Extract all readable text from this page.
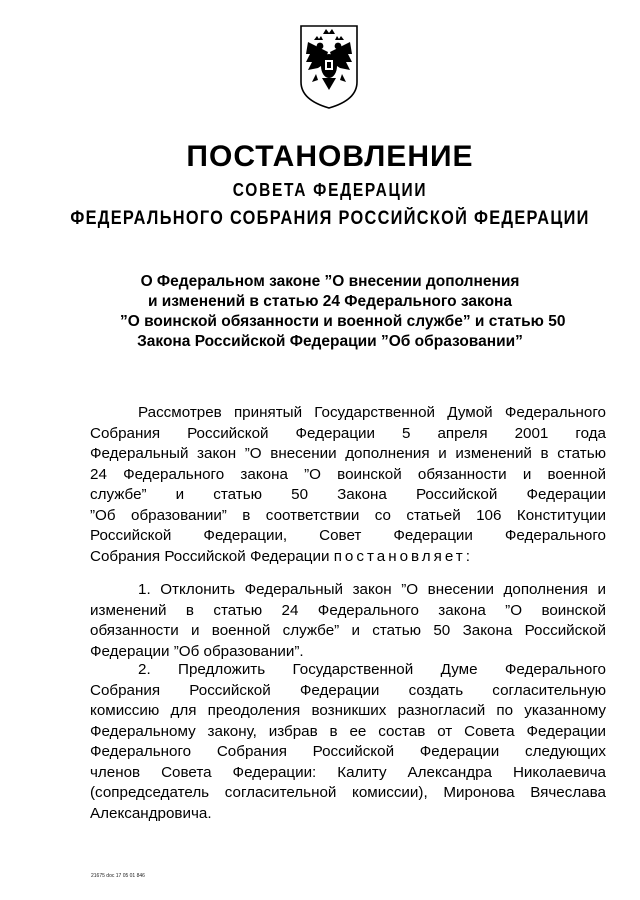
ПОСТАНОВЛЕНИЕ
СОВЕТА ФЕДЕРАЦИИ
ФЕДЕРАЛЬНОГО СОБРАНИЯ РОССИЙСКОЙ ФЕДЕРАЦИИ
О Федеральном законе ”О внесении дополнения
и изменений в статью 24 Федерального закона
”О воинской обязанности и военной службе” и статью 50
Закона Российской Федерации ”Об образовании”
Рассмотрев принятый Государственной Думой Федерального
Собрания Российской Федерации 5 апреля 2001 года
Федеральный закон ”О внесении дополнения и изменений в статью
24 Федерального закона ”О воинской обязанности и военной
службе” и статью 50 Закона Российской Федерации
”Об образовании” в соответствии со статьей 106 Конституции
Российской Федерации, Совет Федерации Федерального
Собрания Российской Федерации постановляет:
1. Отклонить Федеральный закон ”О внесении дополнения и
изменений в статью 24 Федерального закона ”О воинской
обязанности и военной службе” и статью 50 Закона Российской
Федерации ”Об образовании”.
2. Предложить Государственной Думе Федерального
Собрания Российской Федерации создать согласительную
комиссию для преодоления возникших разногласий по указанному
Федеральному закону, избрав в ее состав от Совета Федерации
Федерального Собрания Российской Федерации следующих
членов Совета Федерации: Калиту Александра Николаевича
(сопредседатель согласительной комиссии), Миронова Вячеслава
Александровича.
21675 doc 17 05 01 846
